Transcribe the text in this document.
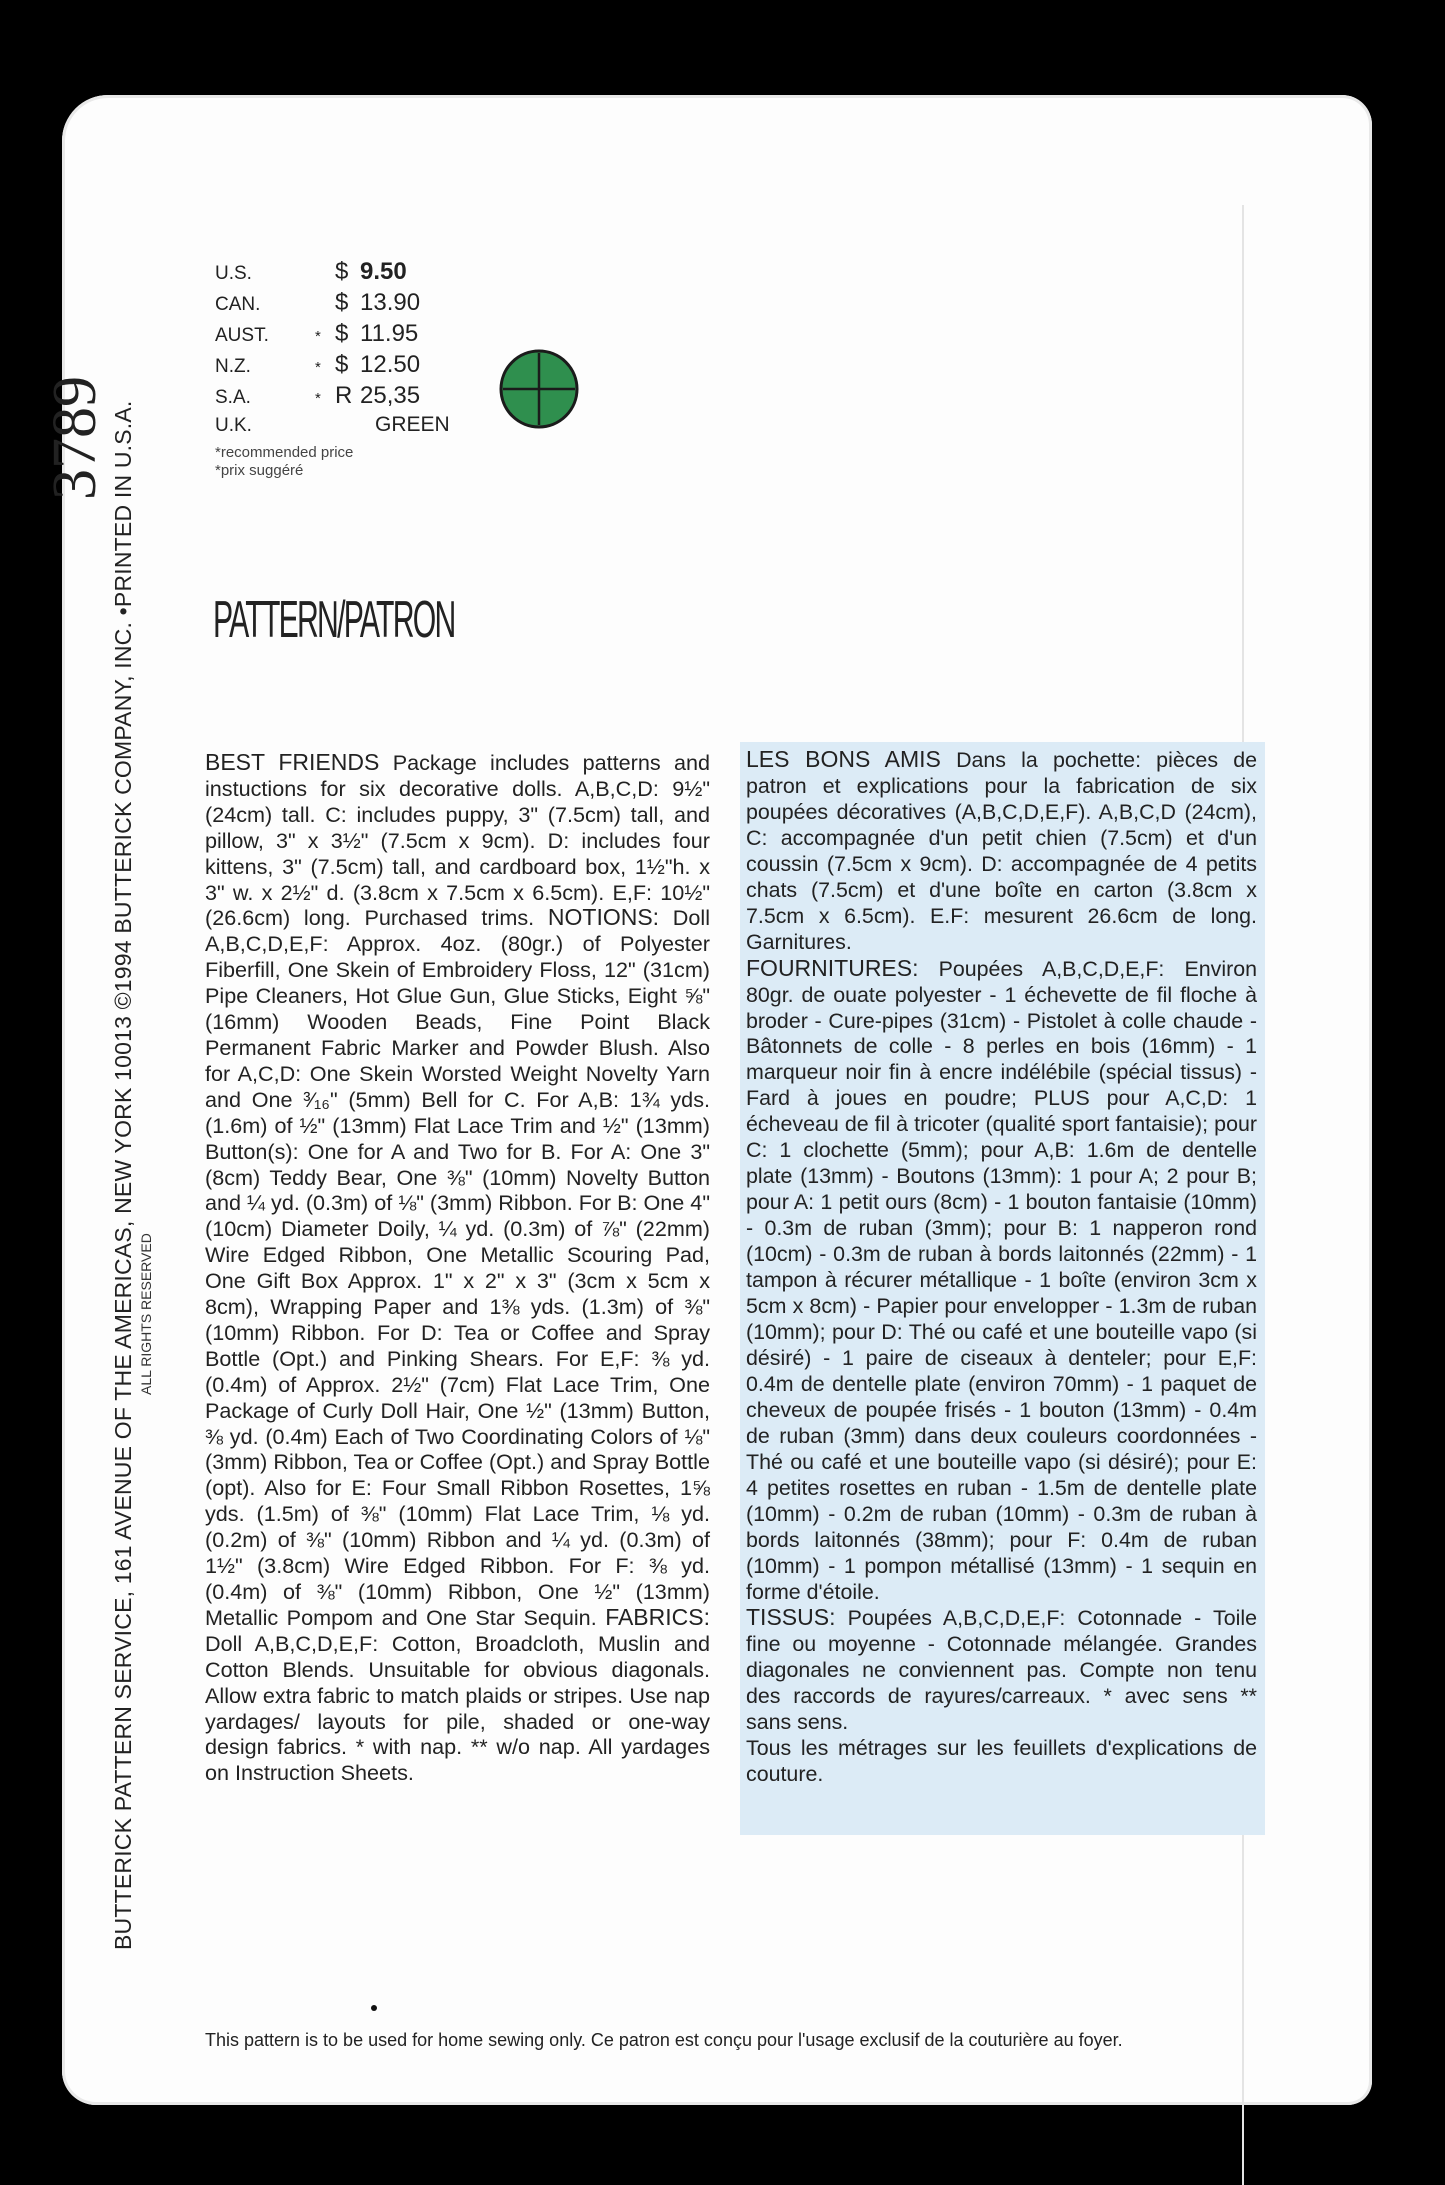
3789 BUTTERICK PATTERN SERVICE, 161 AVENUE OF THE AMERICAS, NEW YORK 10013 ©1994 BUTTERICK COMPANY, INC. •PRINTED IN U.S.A. ALL RIGHTS RESERVED
U.S.	$ 9.50
CAN.	$ 13.90
AUST.	* $ 11.95
N.Z.	* $ 12.50
S.A.	* R 25,35
U.K.	GREEN
*recommended price
*prix suggéré
PATTERN/PATRON

BEST FRIENDS Package includes patterns and instuctions for six decorative dolls. A,B,C,D: 9½" (24cm) tall. C: includes puppy, 3" (7.5cm) tall, and pillow, 3" x 3½" (7.5cm x 9cm). D: includes four kittens, 3" (7.5cm) tall, and cardboard box, 1½"h. x 3" w. x 2½" d. (3.8cm x 7.5cm x 6.5cm). E,F: 10½" (26.6cm) long. Purchased trims. NOTIONS: Doll A,B,C,D,E,F: Approx. 4oz. (80gr.) of Polyester Fiberfill, One Skein of Embroidery Floss, 12" (31cm) Pipe Cleaners, Hot Glue Gun, Glue Sticks, Eight ⅝" (16mm) Wooden Beads, Fine Point Black Permanent Fabric Marker and Powder Blush. Also for A,C,D: One Skein Worsted Weight Novelty Yarn and One ³⁄₁₆" (5mm) Bell for C. For A,B: 1¾ yds. (1.6m) of ½" (13mm) Flat Lace Trim and ½" (13mm) Button(s): One for A and Two for B. For A: One 3" (8cm) Teddy Bear, One ⅜" (10mm) Novelty Button and ¼ yd. (0.3m) of ⅛" (3mm) Ribbon. For B: One 4" (10cm) Diameter Doily, ¼ yd. (0.3m) of ⅞" (22mm) Wire Edged Ribbon, One Metallic Scouring Pad, One Gift Box Approx. 1" x 2" x 3" (3cm x 5cm x 8cm), Wrapping Paper and 1⅜ yds. (1.3m) of ⅜" (10mm) Ribbon. For D: Tea or Coffee and Spray Bottle (Opt.) and Pinking Shears. For E,F: ⅜ yd. (0.4m) of Approx. 2½" (7cm) Flat Lace Trim, One Package of Curly Doll Hair, One ½" (13mm) Button, ⅜ yd. (0.4m) Each of Two Coordinating Colors of ⅛" (3mm) Ribbon, Tea or Coffee (Opt.) and Spray Bottle (opt). Also for E: Four Small Ribbon Rosettes, 1⅝ yds. (1.5m) of ⅜" (10mm) Flat Lace Trim, ⅛ yd. (0.2m) of ⅜" (10mm) Ribbon and ¼ yd. (0.3m) of 1½" (3.8cm) Wire Edged Ribbon. For F: ⅜ yd. (0.4m) of ⅜" (10mm) Ribbon, One ½" (13mm) Metallic Pompom and One Star Sequin. FABRICS: Doll A,B,C,D,E,F: Cotton, Broadcloth, Muslin and Cotton Blends. Unsuitable for obvious diagonals. Allow extra fabric to match plaids or stripes. Use nap yardages/ layouts for pile, shaded or one-way design fabrics. * with nap. ** w/o nap. All yardages on Instruction Sheets.

LES BONS AMIS Dans la pochette: pièces de patron et explications pour la fabrication de six poupées décoratives (A,B,C,D,E,F). A,B,C,D (24cm), C: accompagnée d'un petit chien (7.5cm) et d'un coussin (7.5cm x 9cm). D: accompagnée de 4 petits chats (7.5cm) et d'une boîte en carton (3.8cm x 7.5cm x 6.5cm). E.F: mesurent 26.6cm de long. Garnitures.

FOURNITURES: Poupées A,B,C,D,E,F: Environ 80gr. de ouate polyester - 1 échevette de fil floche à broder - Cure-pipes (31cm) - Pistolet à colle chaude - Bâtonnets de colle - 8 perles en bois (16mm) - 1 marqueur noir fin à encre indélébile (spécial tissus) - Fard à joues en poudre; PLUS pour A,C,D: 1 écheveau de fil à tricoter (qualité sport fantaisie); pour C: 1 clochette (5mm); pour A,B: 1.6m de dentelle plate (13mm) - Boutons (13mm): 1 pour A; 2 pour B; pour A: 1 petit ours (8cm) - 1 bouton fantaisie (10mm) - 0.3m de ruban (3mm); pour B: 1 napperon rond (10cm) - 0.3m de ruban à bords laitonnés (22mm) - 1 tampon à récurer métallique - 1 boîte (environ 3cm x 5cm x 8cm) - Papier pour envelopper - 1.3m de ruban (10mm); pour D: Thé ou café et une bouteille vapo (si désiré) - 1 paire de ciseaux à denteler; pour E,F: 0.4m de dentelle plate (environ 70mm) - 1 paquet de cheveux de poupée frisés - 1 bouton (13mm) - 0.4m de ruban (3mm) dans deux couleurs coordonnées - Thé ou café et une bouteille vapo (si désiré); pour E: 4 petites rosettes en ruban - 1.5m de dentelle plate (10mm) - 0.2m de ruban (10mm) - 0.3m de ruban à bords laitonnés (38mm); pour F: 0.4m de ruban (10mm) - 1 pompon métallisé (13mm) - 1 sequin en forme d'étoile.

TISSUS: Poupées A,B,C,D,E,F: Cotonnade - Toile fine ou moyenne - Cotonnade mélangée. Grandes diagonales ne conviennent pas. Compte non tenu des raccords de rayures/carreaux. * avec sens ** sans sens.

Tous les métrages sur les feuillets d'explications de couture.

This pattern is to be used for home sewing only. Ce patron est conçu pour l'usage exclusif de la couturière au foyer.
